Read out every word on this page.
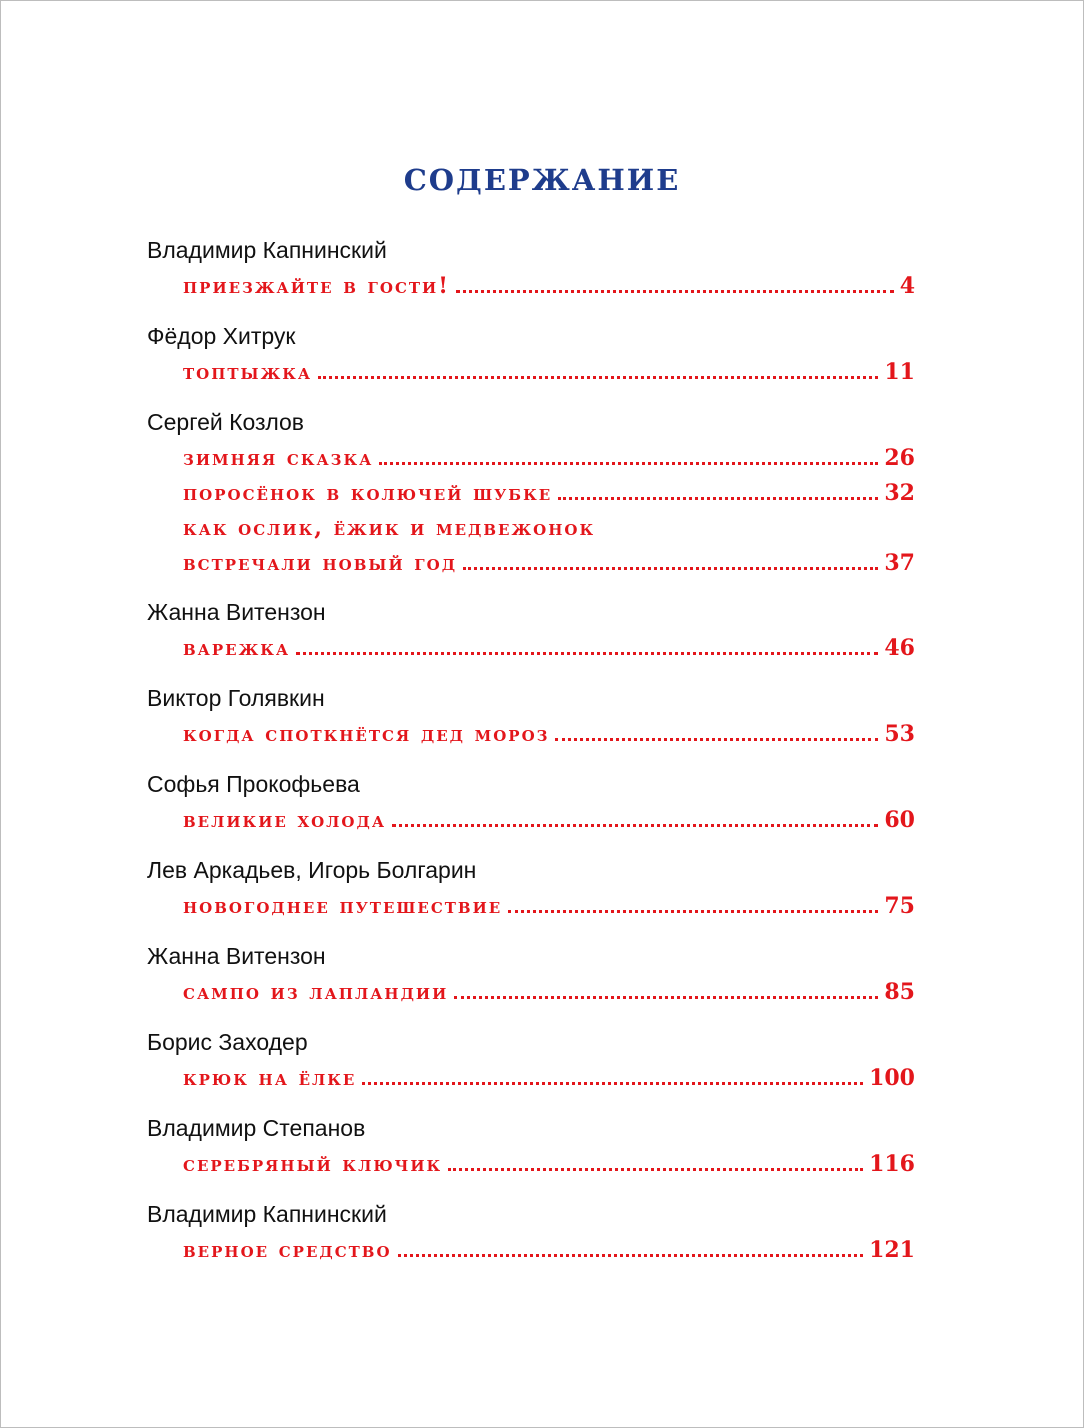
содержание
Владимир Капнинский
приезжайте в гости!	4
Фёдор Хитрук
топтыжка	11
Сергей Козлов
зимняя сказка	26
поросёнок в колючей шубке	32
как ослик, ёжик и медвежонок
встречали новый год	37
Жанна Витензон
варежка	46
Виктор Голявкин
когда споткнётся дед мороз	53
Софья Прокофьева
великие холода	60
Лев Аркадьев, Игорь Болгарин
новогоднее путешествие	75
Жанна Витензон
сампо из лапландии	85
Борис Заходер
крюк на ёлке	100
Владимир Степанов
серебряный ключик	116
Владимир Капнинский
верное средство	121
